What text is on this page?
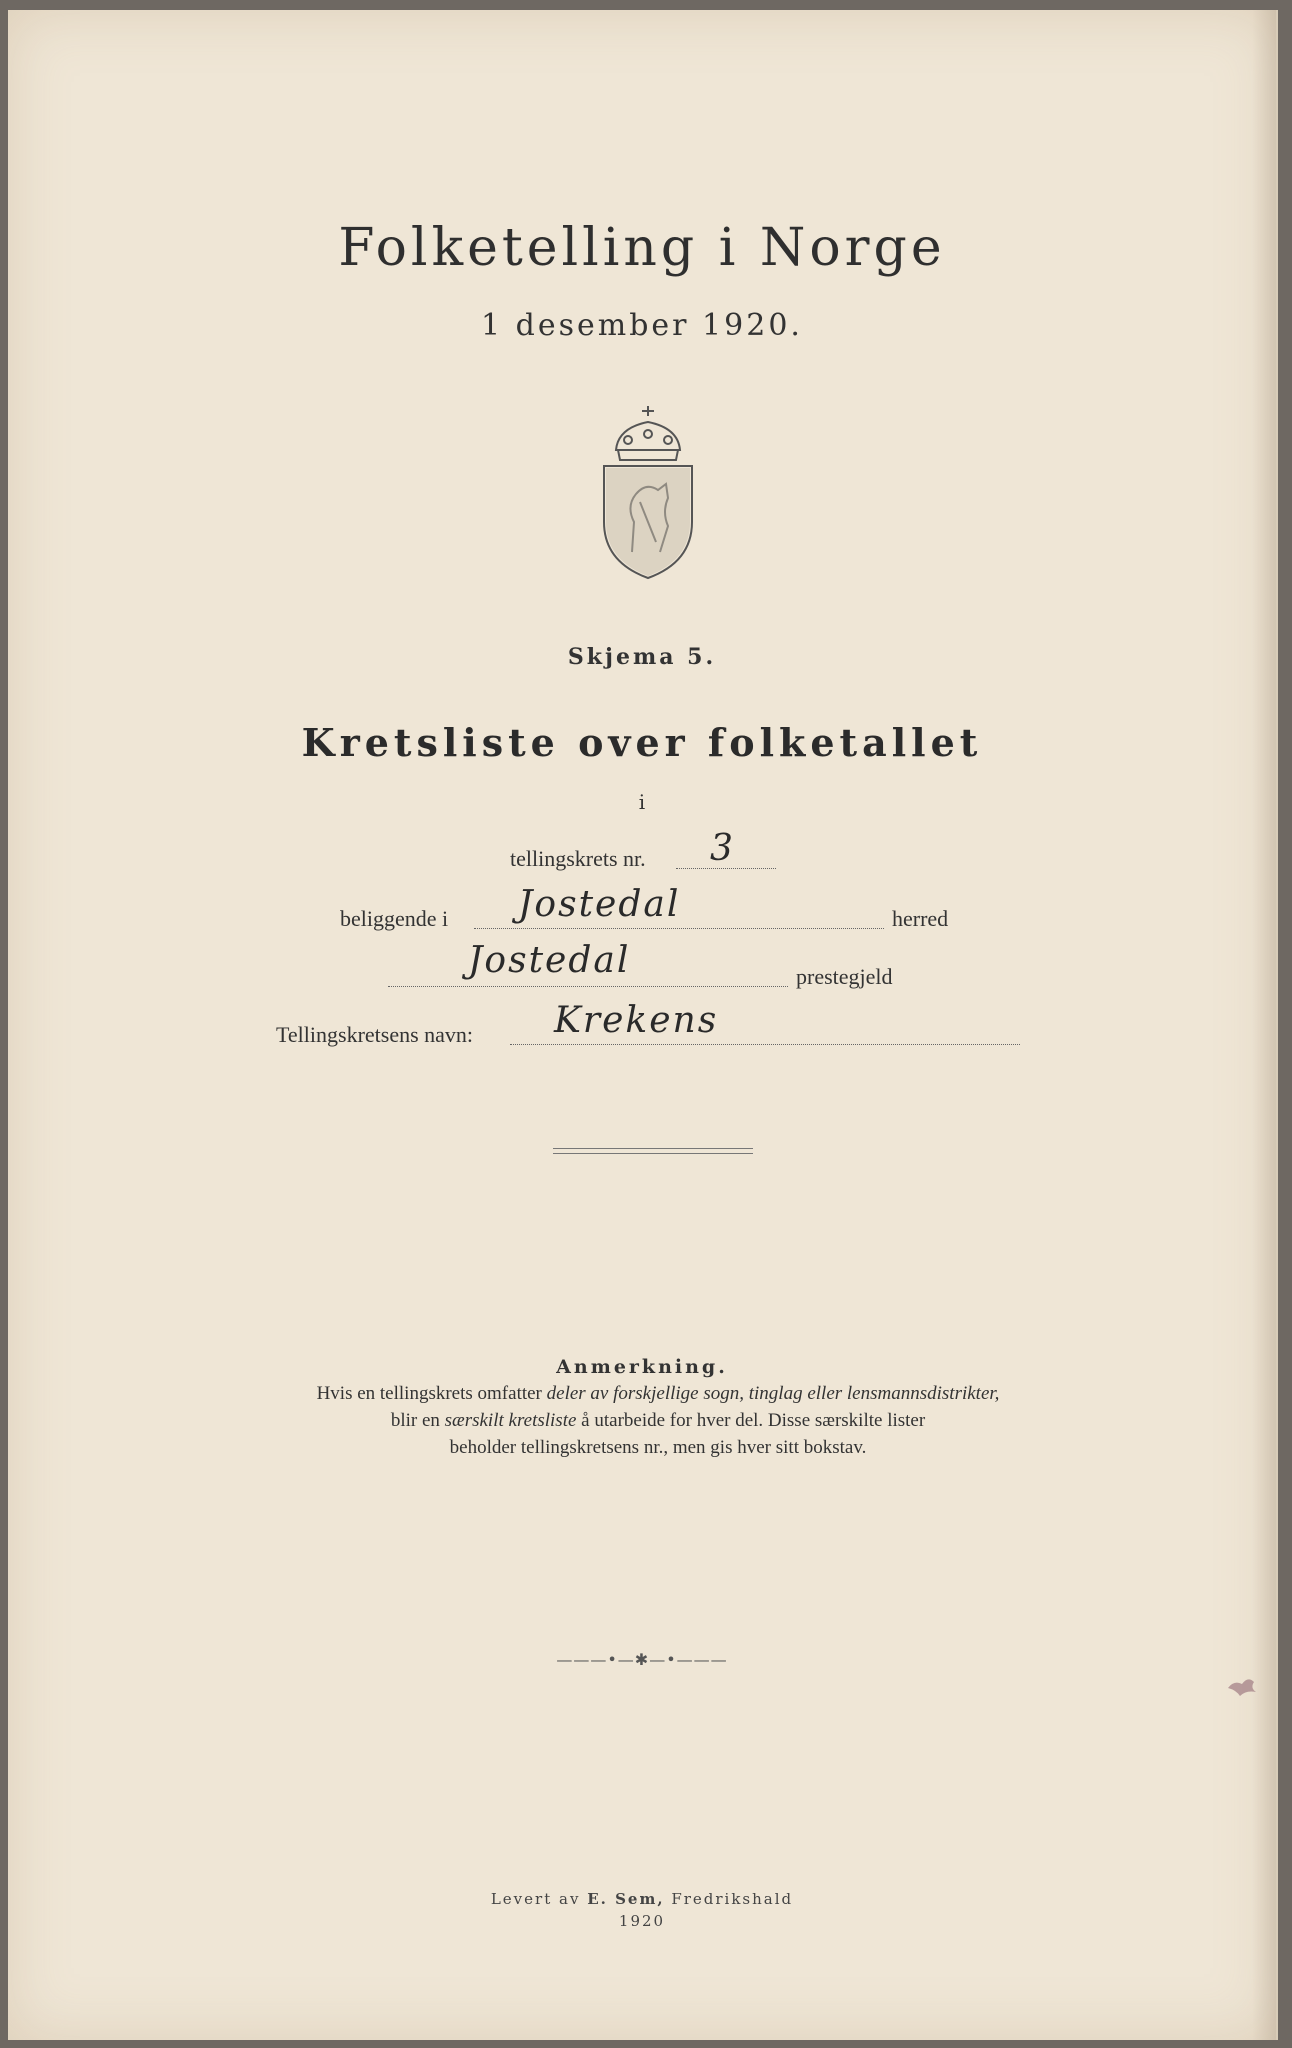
Folketelling i Norge
1 desember 1920.
Skjema 5.
Kretsliste over folketallet
i
tellingskrets nr. 3
beliggende i Jostedal	herred
Jostedal	prestegjeld
Tellingskretsens navn: Krekens
Anmerkning.
Hvis en tellingskrets omfatter deler av forskjellige sogn, tinglag eller lensmannsdistrikter,
blir en særskilt kretsliste å utarbeide for hver del. Disse særskilte lister
beholder tellingskretsens nr., men gis hver sitt bokstav.
———•—✱—•———
Levert av E. Sem, Fredrikshald
1920
